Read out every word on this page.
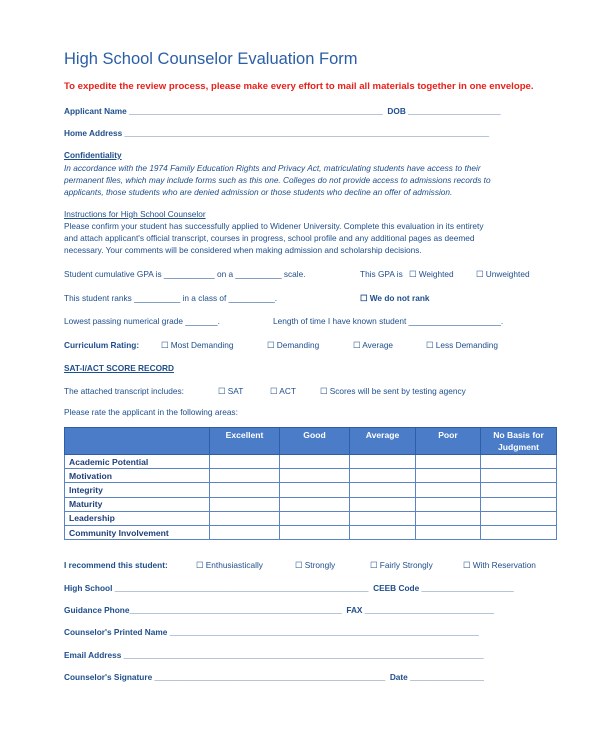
High School Counselor Evaluation Form
To expedite the review process, please make every effort to mail all materials together in one envelope.
Applicant Name _______________________________________________________  DOB ____________________
Home Address _______________________________________________________________________________
Confidentiality
In accordance with the 1974 Family Education Rights and Privacy Act, matriculating students have access to their
permanent files, which may include forms such as this one. Colleges do not provide access to admissions records to
applicants, those students who are denied admission or those students who decline an offer of admission.
Instructions for High School Counselor
Please confirm your student has successfully applied to Widener University. Complete this evaluation in its entirety
and attach applicant's official transcript, courses in progress, school profile and any additional pages as deemed
necessary. Your comments will be considered when making admission and scholarship decisions.
Student cumulative GPA is ___________ on a __________ scale.	This GPA is ☐ Weighted	☐ Unweighted
This student ranks __________ in a class of __________.	☐ We do not rank
Lowest passing numerical grade _______.	Length of time I have known student ____________________.
Curriculum Rating:	☐ Most Demanding	☐ Demanding	☐ Average	☐ Less Demanding
SAT-I/ACT SCORE RECORD
The attached transcript includes:	☐ SAT	☐ ACT	☐ Scores will be sent by testing agency
Please rate the applicant in the following areas:
	Excellent	Good	Average	Poor	No Basis for Judgment
Academic Potential					
Motivation					
Integrity					
Maturity					
Leadership					
Community Involvement					
I recommend this student:	☐ Enthusiastically	☐ Strongly	☐ Fairly Strongly	☐ With Reservation
High School _______________________________________________________  CEEB Code ____________________
Guidance Phone______________________________________________  FAX ____________________________
Counselor's Printed Name ___________________________________________________________________
Email Address ______________________________________________________________________________
Counselor's Signature __________________________________________________  Date ________________
